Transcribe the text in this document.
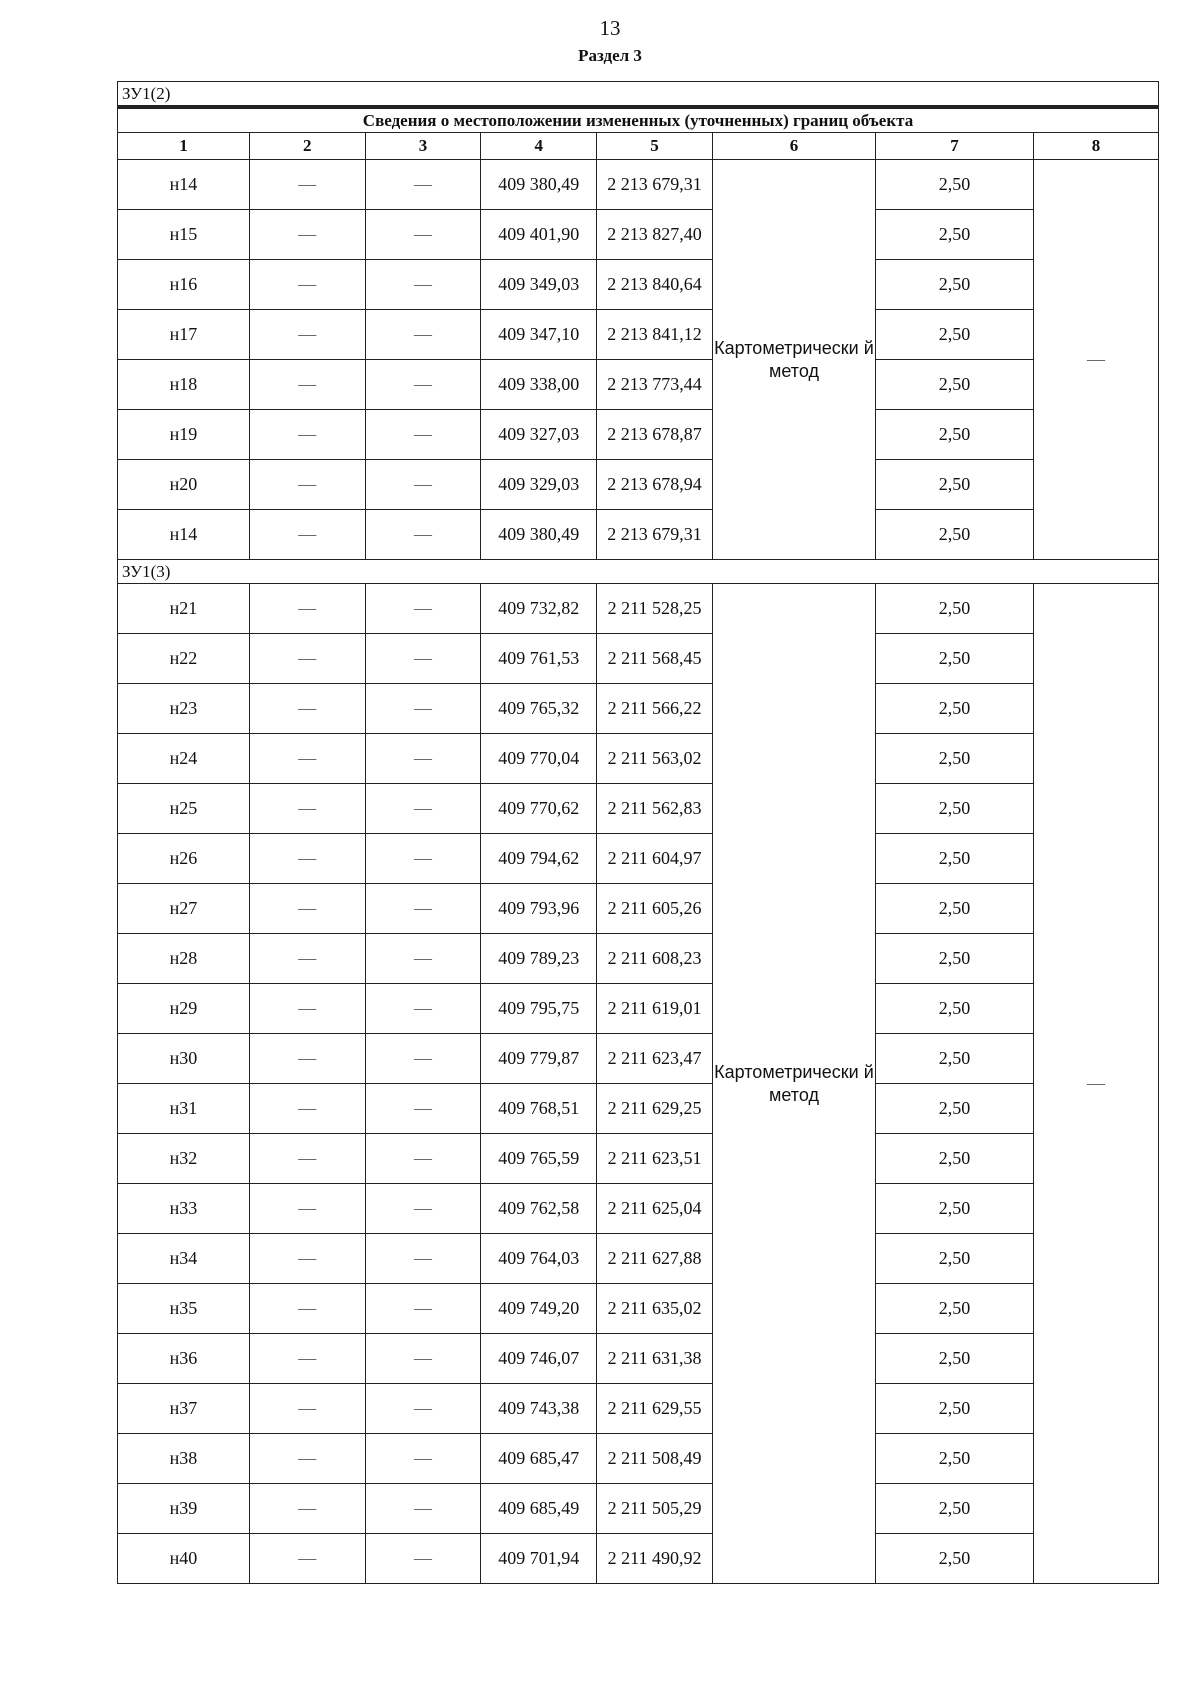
13
Раздел 3
ЗУ1(2)							
Сведения о местоположении измененных (уточненных) границ объекта							
1	2	3	4	5	6	7	8
н14	—	—	409 380,49	2 213 679,31	Картометрически й метод	2,50	—
н15	—	—	409 401,90	2 213 827,40		2,50	
н16	—	—	409 349,03	2 213 840,64		2,50	
н17	—	—	409 347,10	2 213 841,12		2,50	
н18	—	—	409 338,00	2 213 773,44		2,50	
н19	—	—	409 327,03	2 213 678,87		2,50	
н20	—	—	409 329,03	2 213 678,94		2,50	
н14	—	—	409 380,49	2 213 679,31		2,50	
ЗУ1(3)							
н21	—	—	409 732,82	2 211 528,25	Картометрически й метод	2,50	—
н22	—	—	409 761,53	2 211 568,45		2,50	
н23	—	—	409 765,32	2 211 566,22		2,50	
н24	—	—	409 770,04	2 211 563,02		2,50	
н25	—	—	409 770,62	2 211 562,83		2,50	
н26	—	—	409 794,62	2 211 604,97		2,50	
н27	—	—	409 793,96	2 211 605,26		2,50	
н28	—	—	409 789,23	2 211 608,23		2,50	
н29	—	—	409 795,75	2 211 619,01		2,50	
н30	—	—	409 779,87	2 211 623,47		2,50	
н31	—	—	409 768,51	2 211 629,25		2,50	
н32	—	—	409 765,59	2 211 623,51		2,50	
н33	—	—	409 762,58	2 211 625,04		2,50	
н34	—	—	409 764,03	2 211 627,88		2,50	
н35	—	—	409 749,20	2 211 635,02		2,50	
н36	—	—	409 746,07	2 211 631,38		2,50	
н37	—	—	409 743,38	2 211 629,55		2,50	
н38	—	—	409 685,47	2 211 508,49		2,50	
н39	—	—	409 685,49	2 211 505,29		2,50	
н40	—	—	409 701,94	2 211 490,92		2,50	
